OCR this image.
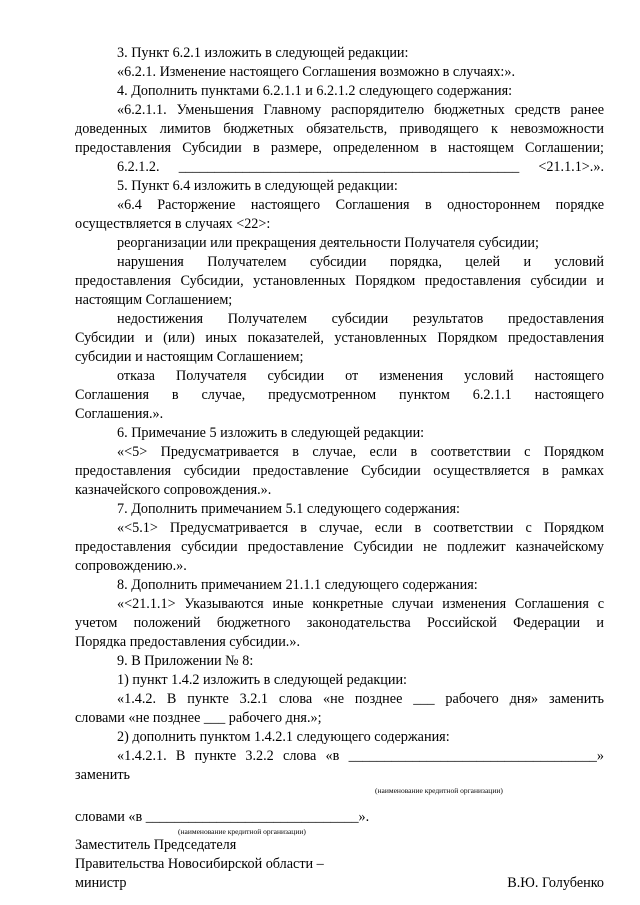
3. Пункт 6.2.1 изложить в следующей редакции:
«6.2.1. Изменение настоящего Соглашения возможно в случаях:».
4. Дополнить пунктами 6.2.1.1 и 6.2.1.2 следующего содержания:
«6.2.1.1. Уменьшения Главному распорядителю бюджетных средств ранее
доведенных лимитов бюджетных обязательств, приводящего к невозможности
предоставления Субсидии в размере, определенном в настоящем Соглашении;
6.2.1.2. ________________________________________________ <21.1.1>.».
5. Пункт 6.4 изложить в следующей редакции:
«6.4 Расторжение настоящего Соглашения в одностороннем порядке
осуществляется в случаях <22>:
реорганизации или прекращения деятельности Получателя субсидии;
нарушения Получателем субсидии порядка, целей и условий
предоставления Субсидии, установленных Порядком предоставления субсидии и
настоящим Соглашением;
недостижения Получателем субсидии результатов предоставления
Субсидии и (или) иных показателей, установленных Порядком предоставления
субсидии и настоящим Соглашением;
отказа Получателя субсидии от изменения условий настоящего
Соглашения в случае, предусмотренном пунктом 6.2.1.1 настоящего
Соглашения.».
6. Примечание 5 изложить в следующей редакции:
«<5> Предусматривается в случае, если в соответствии с Порядком
предоставления субсидии предоставление Субсидии осуществляется в рамках
казначейского сопровождения.».
7. Дополнить примечанием 5.1 следующего содержания:
«<5.1> Предусматривается в случае, если в соответствии с Порядком
предоставления субсидии предоставление Субсидии не подлежит казначейскому
сопровождению.».
8. Дополнить примечанием 21.1.1 следующего содержания:
«<21.1.1> Указываются иные конкретные случаи изменения Соглашения с
учетом положений бюджетного законодательства Российской Федерации и
Порядка предоставления субсидии.».
9. В Приложении № 8:
1) пункт 1.4.2 изложить в следующей редакции:
«1.4.2. В пункте 3.2.1 слова «не позднее ___ рабочего дня» заменить
словами «не позднее ___ рабочего дня.»;
2) дополнить пунктом 1.4.2.1 следующего содержания:
«1.4.2.1. В пункте 3.2.2 слова «в ___________________________________»
заменить
(наименование кредитной организации)
словами «в ______________________________».
(наименование кредитной организации)
Заместитель Председателя
Правительства Новосибирской области –
министр	В.Ю. Голубенко
